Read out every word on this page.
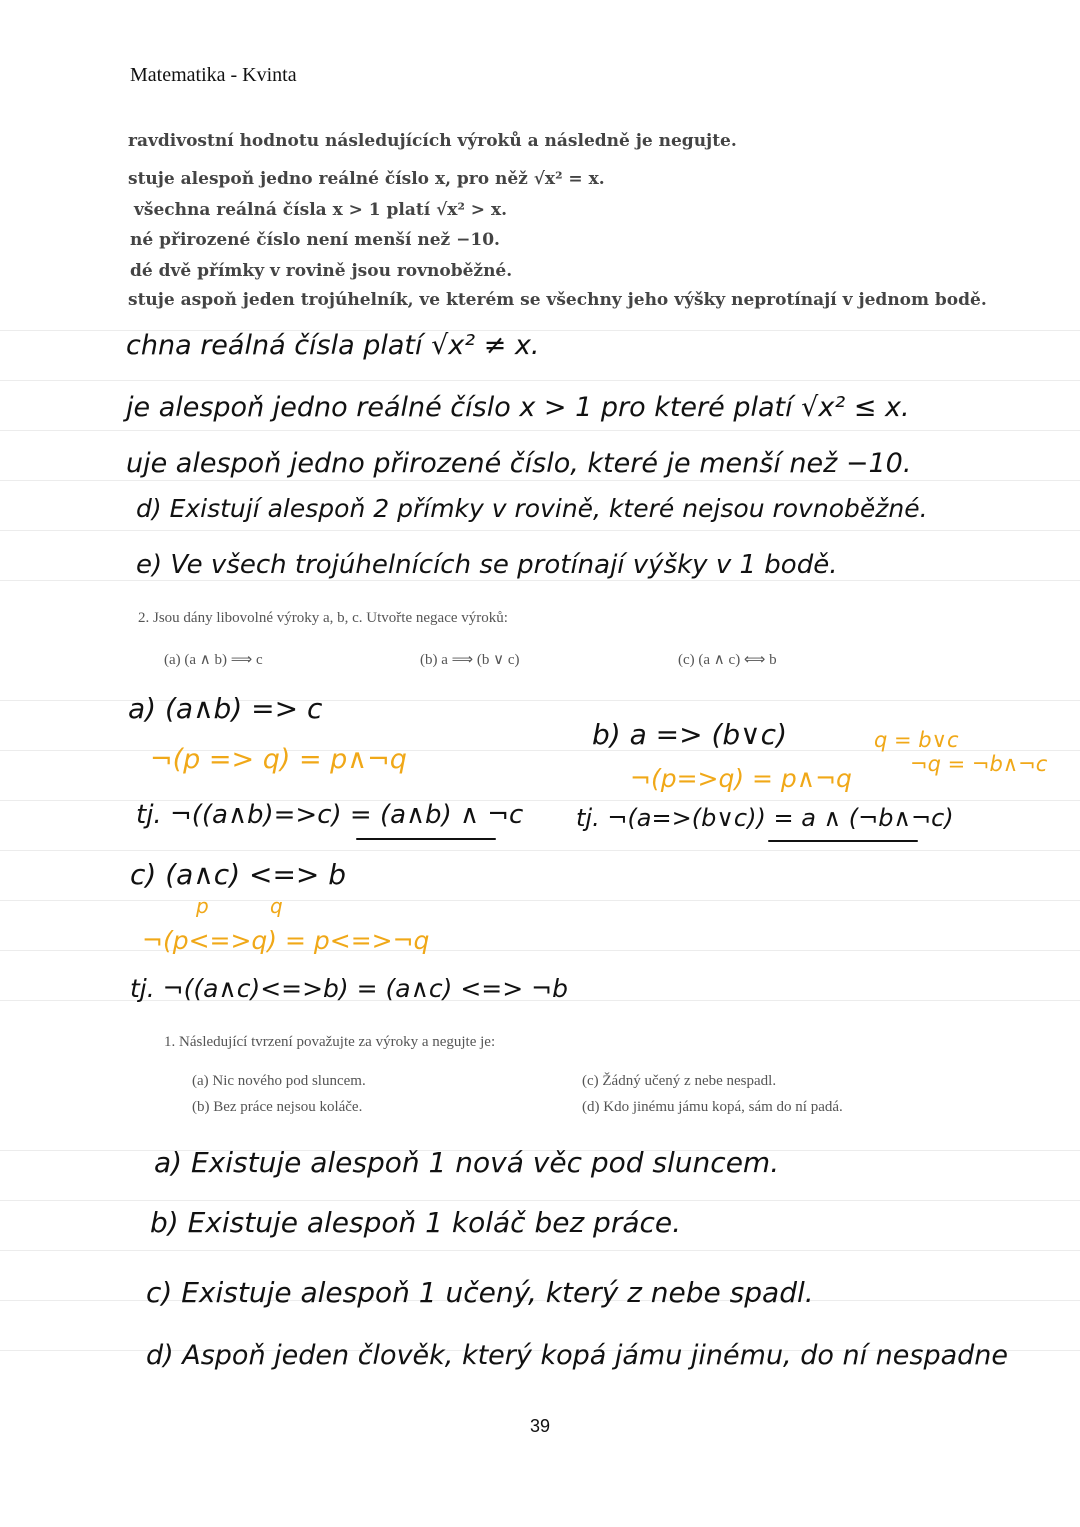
Matematika - Kvinta
ravdivostní hodnotu následujících výroků a následně je negujte.
stuje alespoň jedno reálné číslo x, pro něž √x² = x.
všechna reálná čísla x > 1 platí √x² > x.
né přirozené číslo není menší než −10.
dé dvě přímky v rovině jsou rovnoběžné.
stuje aspoň jeden trojúhelník, ve kterém se všechny jeho výšky neprotínají v jednom bodě.
chna reálná čísla platí √x² ≠ x.
je alespoň jedno reálné číslo x > 1 pro které platí √x² ≤ x.
uje alespoň jedno přirozené číslo, které je menší než −10.
d) Existují alespoň 2 přímky v rovině, které nejsou rovnoběžné.
e) Ve všech trojúhelnících se protínají výšky v 1 bodě.
2. Jsou dány libovolné výroky a, b, c. Utvořte negace výroků:
(a) (a ∧ b) ⟹ c	(b) a ⟹ (b ∨ c)	(c) (a ∧ c) ⟺ b
a) (a∧b) => c
¬(p => q) = p∧¬q
tj. ¬((a∧b)=>c) = (a∧b) ∧ ¬c
b) a => (b∨c)
¬(p=>q) = p∧¬q
q = b∨c
¬q = ¬b∧¬c
tj. ¬(a=>(b∨c)) = a ∧ (¬b∧¬c)
c) (a∧c) <=> b
p	q
¬(p<=>q) = p<=>¬q
tj. ¬((a∧c)<=>b) = (a∧c) <=> ¬b
1. Následující tvrzení považujte za výroky a negujte je:
(a) Nic nového pod sluncem.
(b) Bez práce nejsou koláče.
(c) Žádný učený z nebe nespadl.
(d) Kdo jinému jámu kopá, sám do ní padá.
a) Existuje alespoň 1 nová věc pod sluncem.
b) Existuje alespoň 1 koláč bez práce.
c) Existuje alespoň 1 učený, který z nebe spadl.
d) Aspoň jeden člověk, který kopá jámu jinému, do ní nespadne
39
